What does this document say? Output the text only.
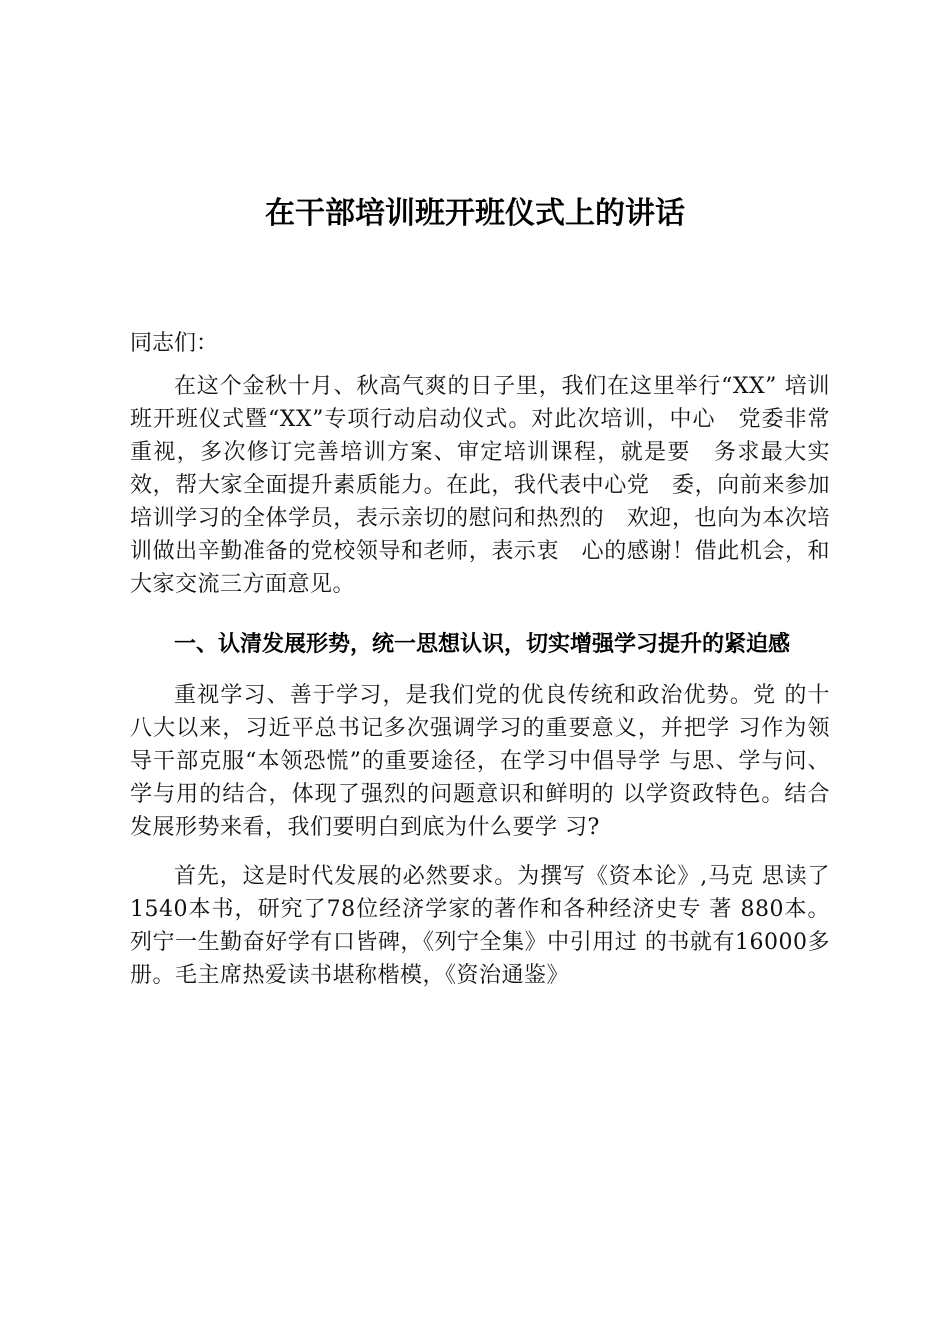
在干部培训班开班仪式上的讲话

同志们：

在这个金秋十月、秋高气爽的日子里，我们在这里举行“XX” 培训班开班仪式暨“XX”专项行动启动仪式。对此次培训，中心　党委非常重视，多次修订完善培训方案、审定培训课程，就是要　务求最大实效，帮大家全面提升素质能力。在此，我代表中心党　委，向前来参加培训学习的全体学员，表示亲切的慰问和热烈的　欢迎，也向为本次培训做出辛勤准备的党校领导和老师，表示衷　心的感谢！借此机会，和大家交流三方面意见。

一、认清发展形势，统一思想认识，切实增强学习提升的紧迫感

重视学习、善于学习，是我们党的优良传统和政治优势。党 的十八大以来，习近平总书记多次强调学习的重要意义，并把学 习作为领导干部克服“本领恐慌”的重要途径，在学习中倡导学 与思、学与问、学与用的结合，体现了强烈的问题意识和鲜明的 以学资政特色。结合发展形势来看，我们要明白到底为什么要学 习?

首先，这是时代发展的必然要求。为撰写《资本论》,马克 思读了1540本书，研究了78位经济学家的著作和各种经济史专 著 880本。列宁一生勤奋好学有口皆碑，《列宁全集》中引用过 的书就有16000多册。毛主席热爱读书堪称楷模，《资治通鉴》
